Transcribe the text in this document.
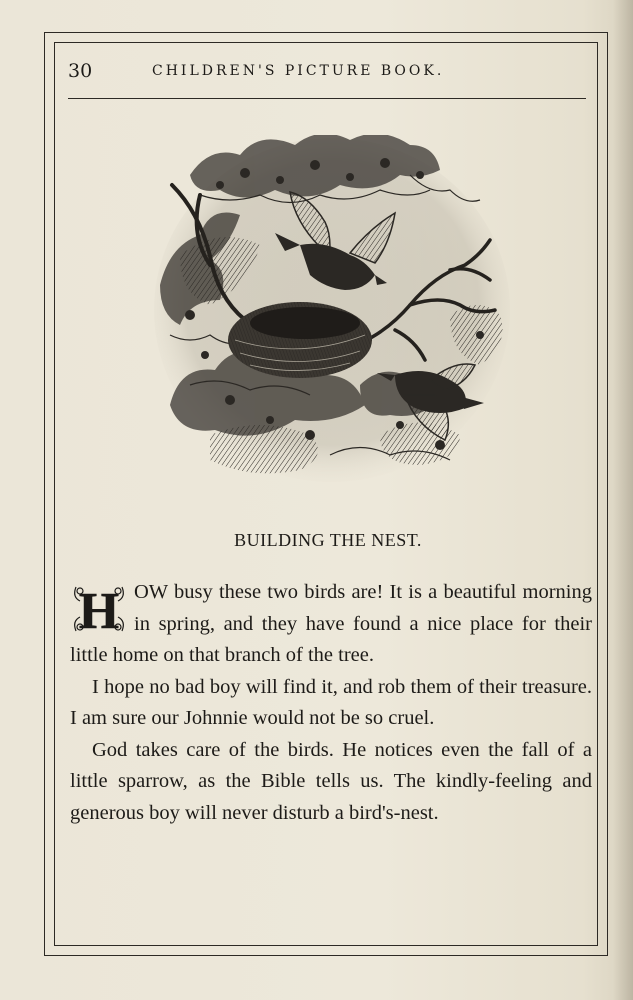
30	CHILDREN'S PICTURE BOOK.
BUILDING THE NEST.

H OW busy these two birds are! It is a beautiful morning in spring, and they have found a nice place for their little home on that branch of the tree.

I hope no bad boy will find it, and rob them of their treasure. I am sure our Johnnie would not be so cruel.

God takes care of the birds. He notices even the fall of a little sparrow, as the Bible tells us. The kindly-feeling and generous boy will never disturb a bird's-nest.
